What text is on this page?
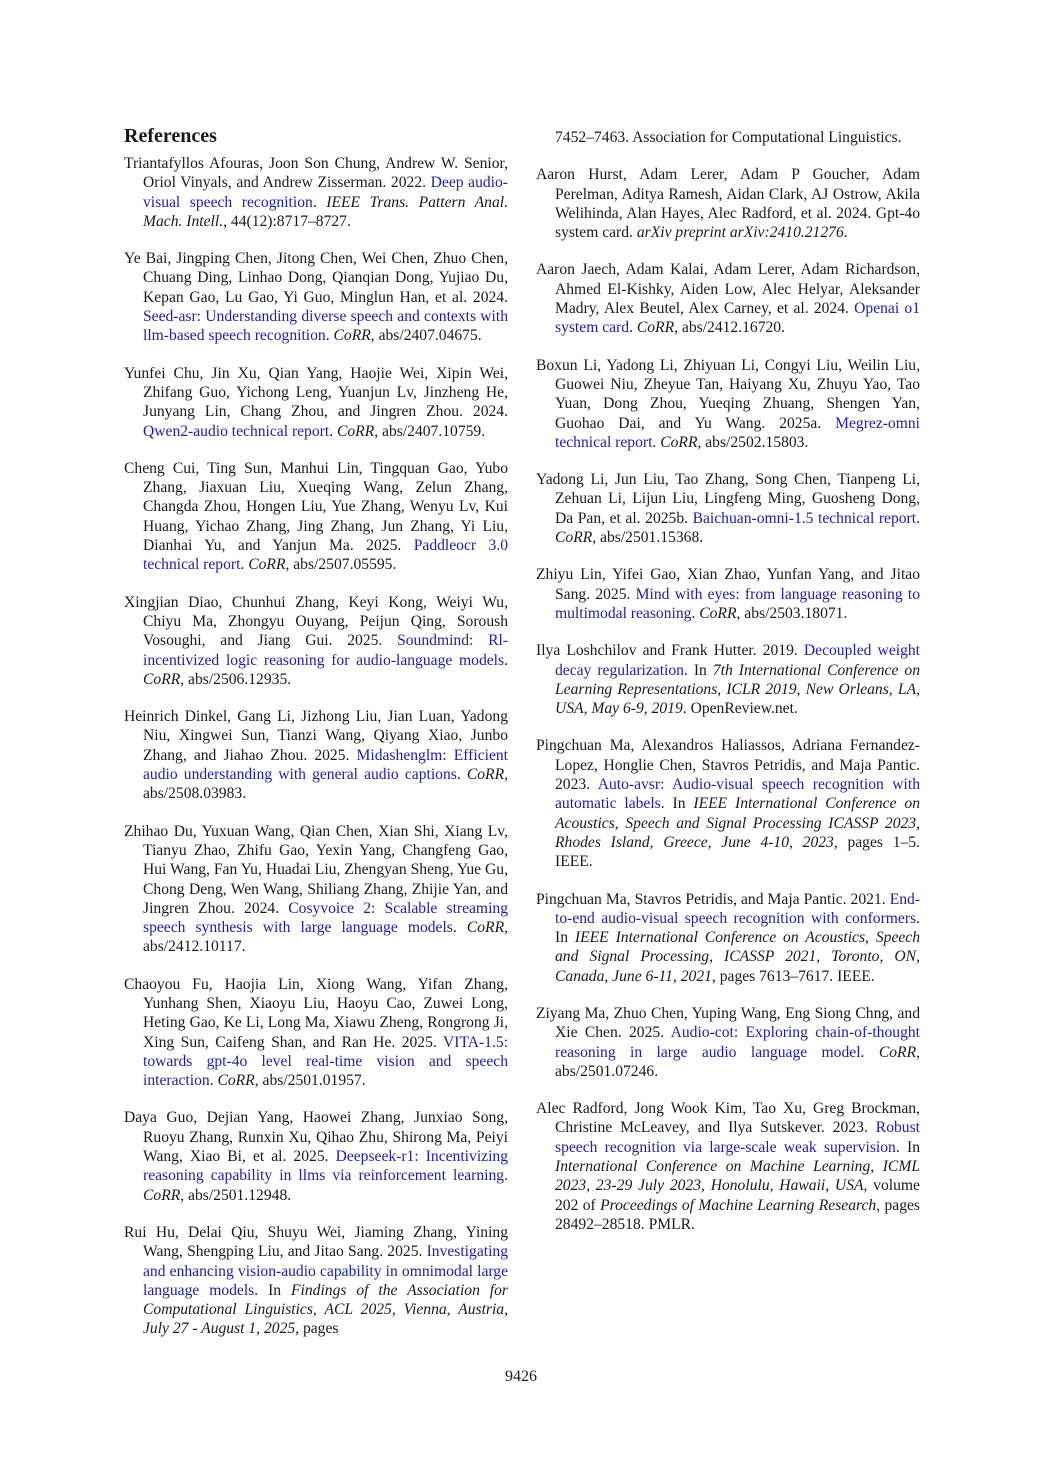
References

Triantafyllos Afouras, Joon Son Chung, Andrew W. Senior, Oriol Vinyals, and Andrew Zisserman. 2022. Deep audio-visual speech recognition. IEEE Trans. Pattern Anal. Mach. Intell., 44(12):8717–8727.

Ye Bai, Jingping Chen, Jitong Chen, Wei Chen, Zhuo Chen, Chuang Ding, Linhao Dong, Qianqian Dong, Yujiao Du, Kepan Gao, Lu Gao, Yi Guo, Minglun Han, et al. 2024. Seed-asr: Understanding diverse speech and contexts with llm-based speech recognition. CoRR, abs/2407.04675.

Yunfei Chu, Jin Xu, Qian Yang, Haojie Wei, Xipin Wei, Zhifang Guo, Yichong Leng, Yuanjun Lv, Jinzheng He, Junyang Lin, Chang Zhou, and Jingren Zhou. 2024. Qwen2-audio technical report. CoRR, abs/2407.10759.

Cheng Cui, Ting Sun, Manhui Lin, Tingquan Gao, Yubo Zhang, Jiaxuan Liu, Xueqing Wang, Zelun Zhang, Changda Zhou, Hongen Liu, Yue Zhang, Wenyu Lv, Kui Huang, Yichao Zhang, Jing Zhang, Jun Zhang, Yi Liu, Dianhai Yu, and Yanjun Ma. 2025. Paddleocr 3.0 technical report. CoRR, abs/2507.05595.

Xingjian Diao, Chunhui Zhang, Keyi Kong, Weiyi Wu, Chiyu Ma, Zhongyu Ouyang, Peijun Qing, Soroush Vosoughi, and Jiang Gui. 2025. Soundmind: Rl-incentivized logic reasoning for audio-language models. CoRR, abs/2506.12935.

Heinrich Dinkel, Gang Li, Jizhong Liu, Jian Luan, Yadong Niu, Xingwei Sun, Tianzi Wang, Qiyang Xiao, Junbo Zhang, and Jiahao Zhou. 2025. Midashenglm: Efficient audio understanding with general audio captions. CoRR, abs/2508.03983.

Zhihao Du, Yuxuan Wang, Qian Chen, Xian Shi, Xiang Lv, Tianyu Zhao, Zhifu Gao, Yexin Yang, Changfeng Gao, Hui Wang, Fan Yu, Huadai Liu, Zhengyan Sheng, Yue Gu, Chong Deng, Wen Wang, Shiliang Zhang, Zhijie Yan, and Jingren Zhou. 2024. Cosyvoice 2: Scalable streaming speech synthesis with large language models. CoRR, abs/2412.10117.

Chaoyou Fu, Haojia Lin, Xiong Wang, Yifan Zhang, Yunhang Shen, Xiaoyu Liu, Haoyu Cao, Zuwei Long, Heting Gao, Ke Li, Long Ma, Xiawu Zheng, Rongrong Ji, Xing Sun, Caifeng Shan, and Ran He. 2025. VITA-1.5: towards gpt-4o level real-time vision and speech interaction. CoRR, abs/2501.01957.

Daya Guo, Dejian Yang, Haowei Zhang, Junxiao Song, Ruoyu Zhang, Runxin Xu, Qihao Zhu, Shirong Ma, Peiyi Wang, Xiao Bi, et al. 2025. Deepseek-r1: Incentivizing reasoning capability in llms via reinforcement learning. CoRR, abs/2501.12948.

Rui Hu, Delai Qiu, Shuyu Wei, Jiaming Zhang, Yining Wang, Shengping Liu, and Jitao Sang. 2025. Investigating and enhancing vision-audio capability in omnimodal large language models. In Findings of the Association for Computational Linguistics, ACL 2025, Vienna, Austria, July 27 - August 1, 2025, pages

7452–7463. Association for Computational Linguistics.

Aaron Hurst, Adam Lerer, Adam P Goucher, Adam Perelman, Aditya Ramesh, Aidan Clark, AJ Ostrow, Akila Welihinda, Alan Hayes, Alec Radford, et al. 2024. Gpt-4o system card. arXiv preprint arXiv:2410.21276.

Aaron Jaech, Adam Kalai, Adam Lerer, Adam Richardson, Ahmed El-Kishky, Aiden Low, Alec Helyar, Aleksander Madry, Alex Beutel, Alex Carney, et al. 2024. Openai o1 system card. CoRR, abs/2412.16720.

Boxun Li, Yadong Li, Zhiyuan Li, Congyi Liu, Weilin Liu, Guowei Niu, Zheyue Tan, Haiyang Xu, Zhuyu Yao, Tao Yuan, Dong Zhou, Yueqing Zhuang, Shengen Yan, Guohao Dai, and Yu Wang. 2025a. Megrez-omni technical report. CoRR, abs/2502.15803.

Yadong Li, Jun Liu, Tao Zhang, Song Chen, Tianpeng Li, Zehuan Li, Lijun Liu, Lingfeng Ming, Guosheng Dong, Da Pan, et al. 2025b. Baichuan-omni-1.5 technical report. CoRR, abs/2501.15368.

Zhiyu Lin, Yifei Gao, Xian Zhao, Yunfan Yang, and Jitao Sang. 2025. Mind with eyes: from language reasoning to multimodal reasoning. CoRR, abs/2503.18071.

Ilya Loshchilov and Frank Hutter. 2019. Decoupled weight decay regularization. In 7th International Conference on Learning Representations, ICLR 2019, New Orleans, LA, USA, May 6-9, 2019. OpenReview.net.

Pingchuan Ma, Alexandros Haliassos, Adriana Fernandez-Lopez, Honglie Chen, Stavros Petridis, and Maja Pantic. 2023. Auto-avsr: Audio-visual speech recognition with automatic labels. In IEEE International Conference on Acoustics, Speech and Signal Processing ICASSP 2023, Rhodes Island, Greece, June 4-10, 2023, pages 1–5. IEEE.

Pingchuan Ma, Stavros Petridis, and Maja Pantic. 2021. End-to-end audio-visual speech recognition with conformers. In IEEE International Conference on Acoustics, Speech and Signal Processing, ICASSP 2021, Toronto, ON, Canada, June 6-11, 2021, pages 7613–7617. IEEE.

Ziyang Ma, Zhuo Chen, Yuping Wang, Eng Siong Chng, and Xie Chen. 2025. Audio-cot: Exploring chain-of-thought reasoning in large audio language model. CoRR, abs/2501.07246.

Alec Radford, Jong Wook Kim, Tao Xu, Greg Brockman, Christine McLeavey, and Ilya Sutskever. 2023. Robust speech recognition via large-scale weak supervision. In International Conference on Machine Learning, ICML 2023, 23-29 July 2023, Honolulu, Hawaii, USA, volume 202 of Proceedings of Machine Learning Research, pages 28492–28518. PMLR.

9426
